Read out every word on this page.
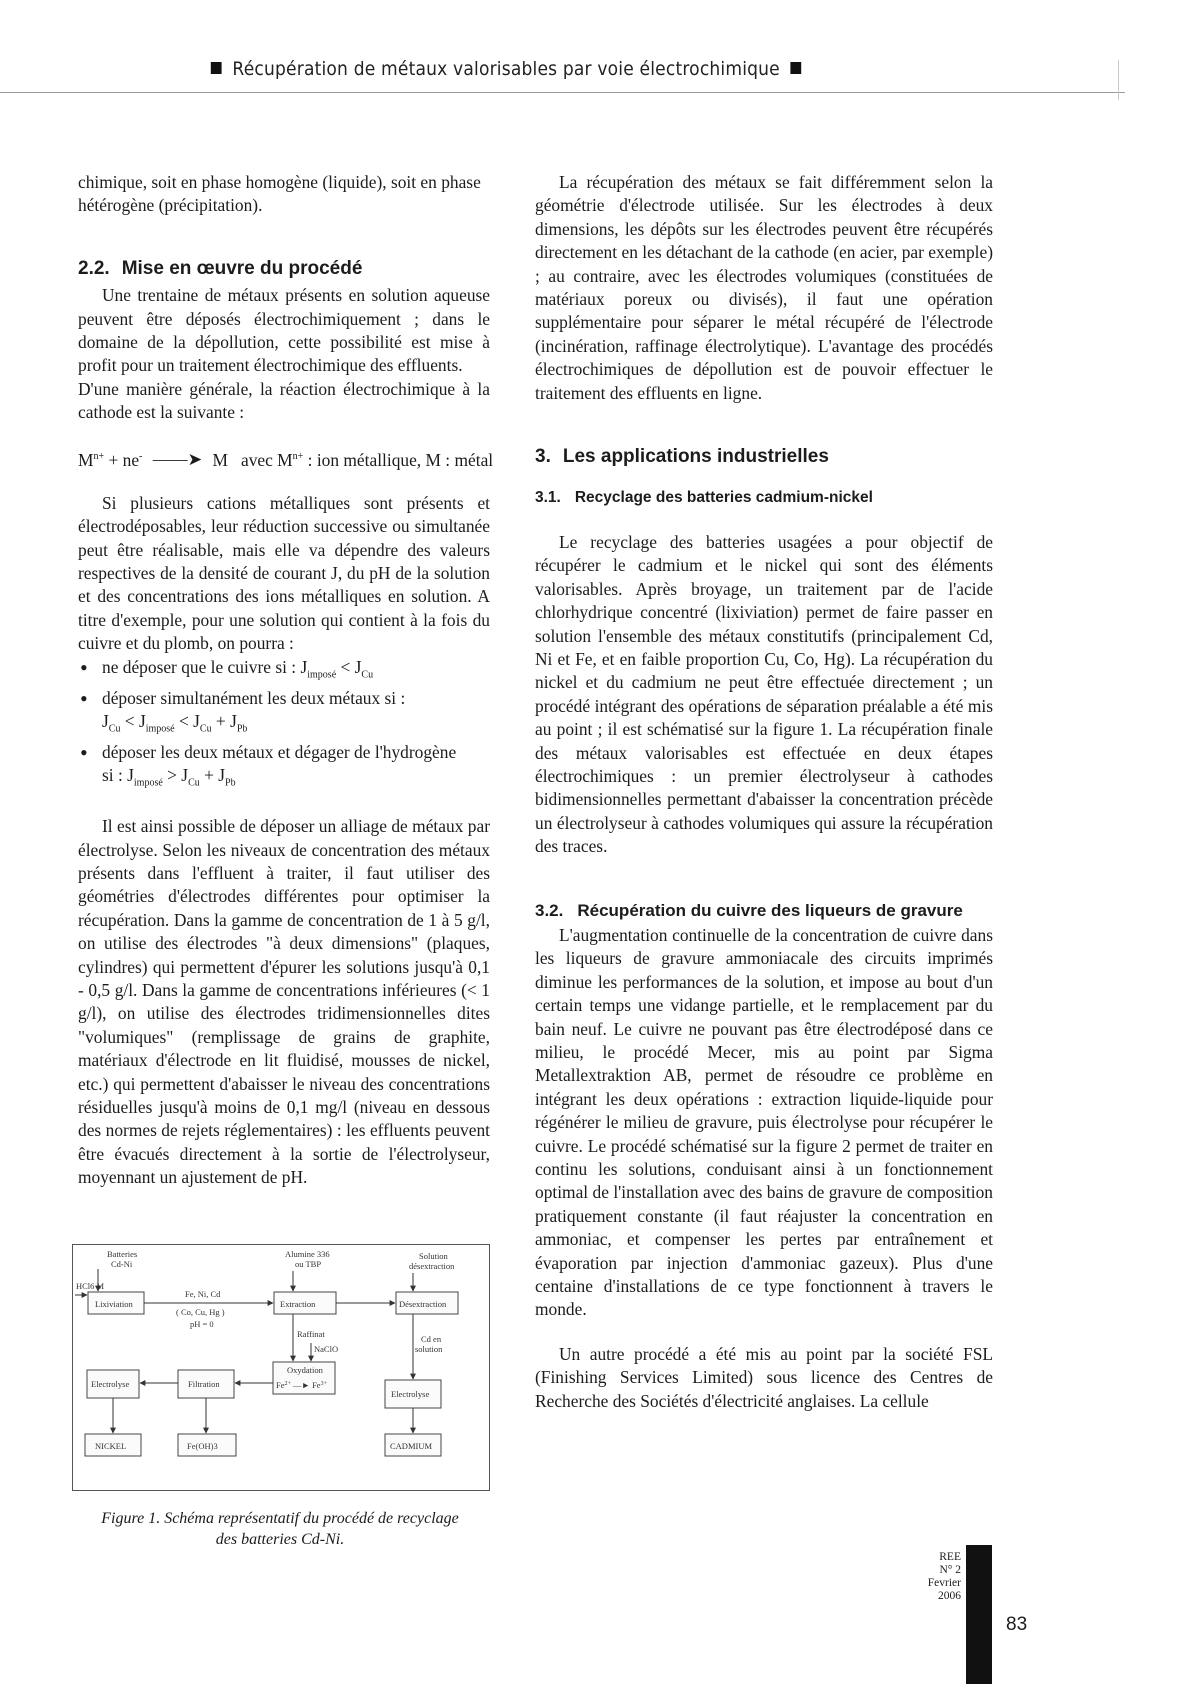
Récupération de métaux valorisables par voie électrochimique

chimique, soit en phase homogène (liquide), soit en phase hétérogène (précipitation).

2.2. Mise en œuvre du procédé

Une trentaine de métaux présents en solution aqueuse peuvent être déposés électrochimiquement ; dans le domaine de la dépollution, cette possibilité est mise à profit pour un traitement électrochimique des effluents.

D'une manière générale, la réaction électrochimique à la cathode est la suivante :

$M^{n+} + ne^-$ ——➤ M avec $M^{n+}$ : ion métallique, M : métal

Si plusieurs cations métalliques sont présents et électrodéposables, leur réduction successive ou simultanée peut être réalisable, mais elle va dépendre des valeurs respectives de la densité de courant J, du pH de la solution et des concentrations des ions métalliques en solution. A titre d'exemple, pour une solution qui contient à la fois du cuivre et du plomb, on pourra :

• ne déposer que le cuivre si : $J_{imposé} < J_{Cu}$
• déposer simultanément les deux métaux si :
$J_{Cu} < J_{imposé} < J_{Cu} + J_{Pb}$
• déposer les deux métaux et dégager de l'hydrogène
si : $J_{imposé} > J_{Cu} + J_{Pb}$

Il est ainsi possible de déposer un alliage de métaux par électrolyse. Selon les niveaux de concentration des métaux présents dans l'effluent à traiter, il faut utiliser des géométries d'électrodes différentes pour optimiser la récupération. Dans la gamme de concentration de 1 à 5 g/l, on utilise des électrodes "à deux dimensions" (plaques, cylindres) qui permettent d'épurer les solutions jusqu'à 0,1 - 0,5 g/l. Dans la gamme de concentrations inférieures (< 1 g/l), on utilise des électrodes tridimensionnelles dites "volumiques" (remplissage de grains de graphite, matériaux d'électrode en lit fluidisé, mousses de nickel, etc.) qui permettent d'abaisser le niveau des concentrations résiduelles jusqu'à moins de 0,1 mg/l (niveau en dessous des normes de rejets réglementaires) : les effluents peuvent être évacués directement à la sortie de l'électrolyseur, moyennant un ajustement de pH.

La récupération des métaux se fait différemment selon la géométrie d'électrode utilisée. Sur les électrodes à deux dimensions, les dépôts sur les électrodes peuvent être récupérés directement en les détachant de la cathode (en acier, par exemple) ; au contraire, avec les électrodes volumiques (constituées de matériaux poreux ou divisés), il faut une opération supplémentaire pour séparer le métal récupéré de l'électrode (incinération, raffinage électrolytique). L'avantage des procédés électrochimiques de dépollution est de pouvoir effectuer le traitement des effluents en ligne.

3. Les applications industrielles

3.1. Recyclage des batteries cadmium-nickel

Le recyclage des batteries usagées a pour objectif de récupérer le cadmium et le nickel qui sont des éléments valorisables. Après broyage, un traitement par de l'acide chlorhydrique concentré (lixiviation) permet de faire passer en solution l'ensemble des métaux constitutifs (principalement Cd, Ni et Fe, et en faible proportion Cu, Co, Hg). La récupération du nickel et du cadmium ne peut être effectuée directement ; un procédé intégrant des opérations de séparation préalable a été mis au point ; il est schématisé sur la figure 1. La récupération finale des métaux valorisables est effectuée en deux étapes électrochimiques : un premier électrolyseur à cathodes bidimensionnelles permettant d'abaisser la concentration précède un électrolyseur à cathodes volumiques qui assure la récupération des traces.

3.2. Récupération du cuivre des liqueurs de gravure

L'augmentation continuelle de la concentration de cuivre dans les liqueurs de gravure ammoniacale des circuits imprimés diminue les performances de la solution, et impose au bout d'un certain temps une vidange partielle, et le remplacement par du bain neuf. Le cuivre ne pouvant pas être électrodéposé dans ce milieu, le procédé Mecer, mis au point par Sigma Metallextraktion AB, permet de résoudre ce problème en intégrant les deux opérations : extraction liquide-liquide pour régénérer le milieu de gravure, puis électrolyse pour récupérer le cuivre. Le procédé schématisé sur la figure 2 permet de traiter en continu les solutions, conduisant ainsi à un fonctionnement optimal de l'installation avec des bains de gravure de composition pratiquement constante (il faut réajuster la concentration en ammoniac, et compenser les pertes par entraînement et évaporation par injection d'ammoniac gazeux). Plus d'une centaine d'installations de ce type fonctionnent à travers le monde.

Un autre procédé a été mis au point par la société FSL (Finishing Services Limited) sous licence des Centres de Recherche des Sociétés d'électricité anglaises. La cellule

Batteries
Cd-Ni
Alumine 336
ou TBP
Solution
désextraction
HCl6 M
Lixiviation	Extraction	Désextraction
Fe, Ni, Cd
( Co, Cu, Hg )
pH = 0
Raffinat
NaClO
Cd en
solution
Oxydation
$Fe^{2+}$ —► $Fe^{3+}$
Electrolyse	Filtration
Electrolyse
NICKEL	Fe(OH)3	CADMIUM
Figure 1. Schéma représentatif du procédé de recyclage
des batteries Cd-Ni.
REE
N° 2
Fevrier 2006
83
